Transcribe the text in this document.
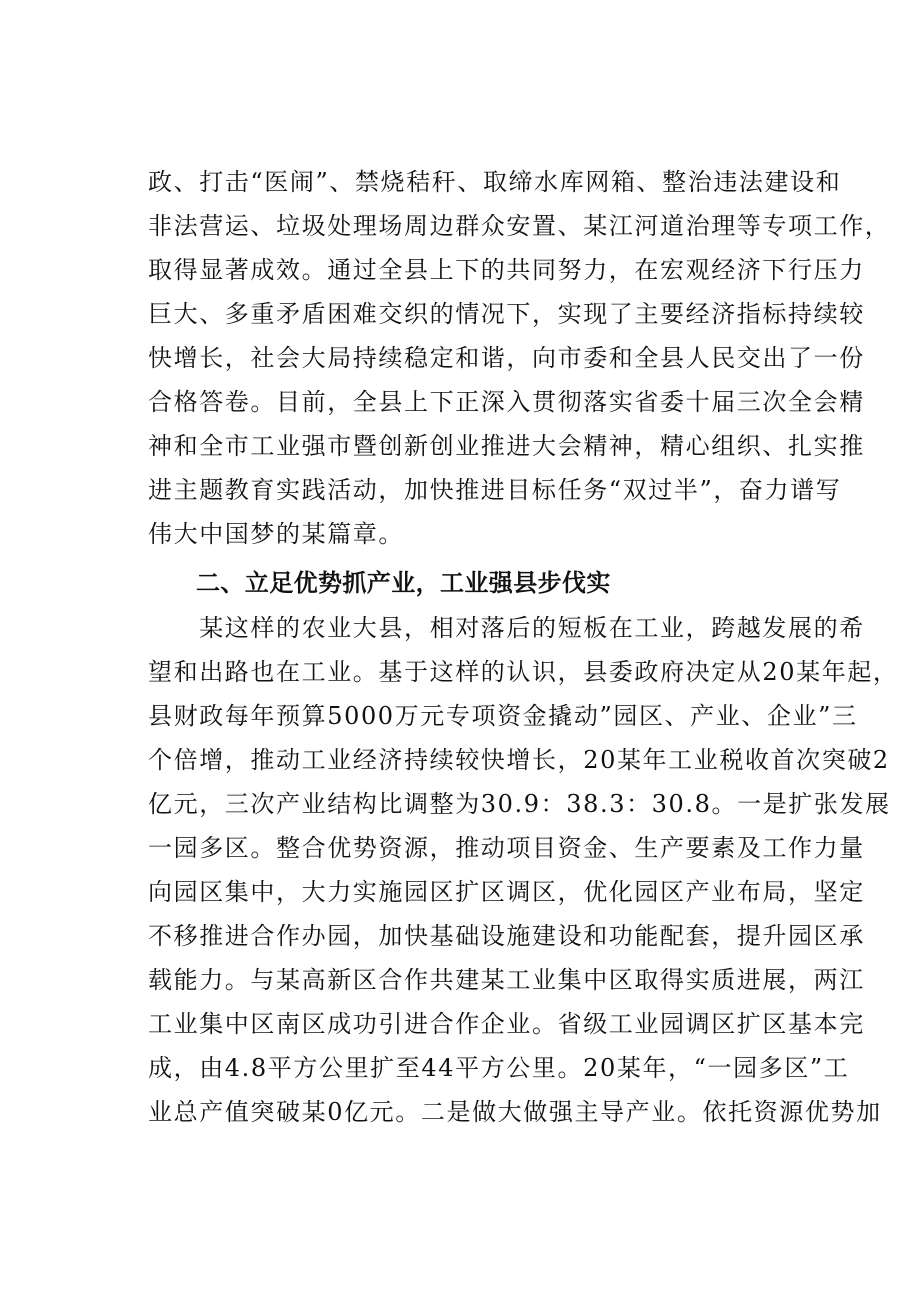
政、打击“医闹”、禁烧秸秆、取缔水库网箱、整治违法建设和
非法营运、垃圾处理场周边群众安置、某江河道治理等专项工作，
取得显著成效。通过全县上下的共同努力，在宏观经济下行压力
巨大、多重矛盾困难交织的情况下，实现了主要经济指标持续较
快增长，社会大局持续稳定和谐，向市委和全县人民交出了一份
合格答卷。目前，全县上下正深入贯彻落实省委十届三次全会精
神和全市工业强市暨创新创业推进大会精神，精心组织、扎实推
进主题教育实践活动，加快推进目标任务“双过半”，奋力谱写
伟大中国梦的某篇章。
二、立足优势抓产业，工业强县步伐实
　　某这样的农业大县，相对落后的短板在工业，跨越发展的希
望和出路也在工业。基于这样的认识，县委政府决定从20某年起，
县财政每年预算5000万元专项资金撬动”园区、产业、企业”三
个倍增，推动工业经济持续较快增长，20某年工业税收首次突破2
亿元，三次产业结构比调整为30.9：38.3：30.8。一是扩张发展
一园多区。整合优势资源，推动项目资金、生产要素及工作力量
向园区集中，大力实施园区扩区调区，优化园区产业布局，坚定
不移推进合作办园，加快基础设施建设和功能配套，提升园区承
载能力。与某高新区合作共建某工业集中区取得实质进展，两江
工业集中区南区成功引进合作企业。省级工业园调区扩区基本完
成，由4.8平方公里扩至44平方公里。20某年，“一园多区”工
业总产值突破某0亿元。二是做大做强主导产业。依托资源优势加
